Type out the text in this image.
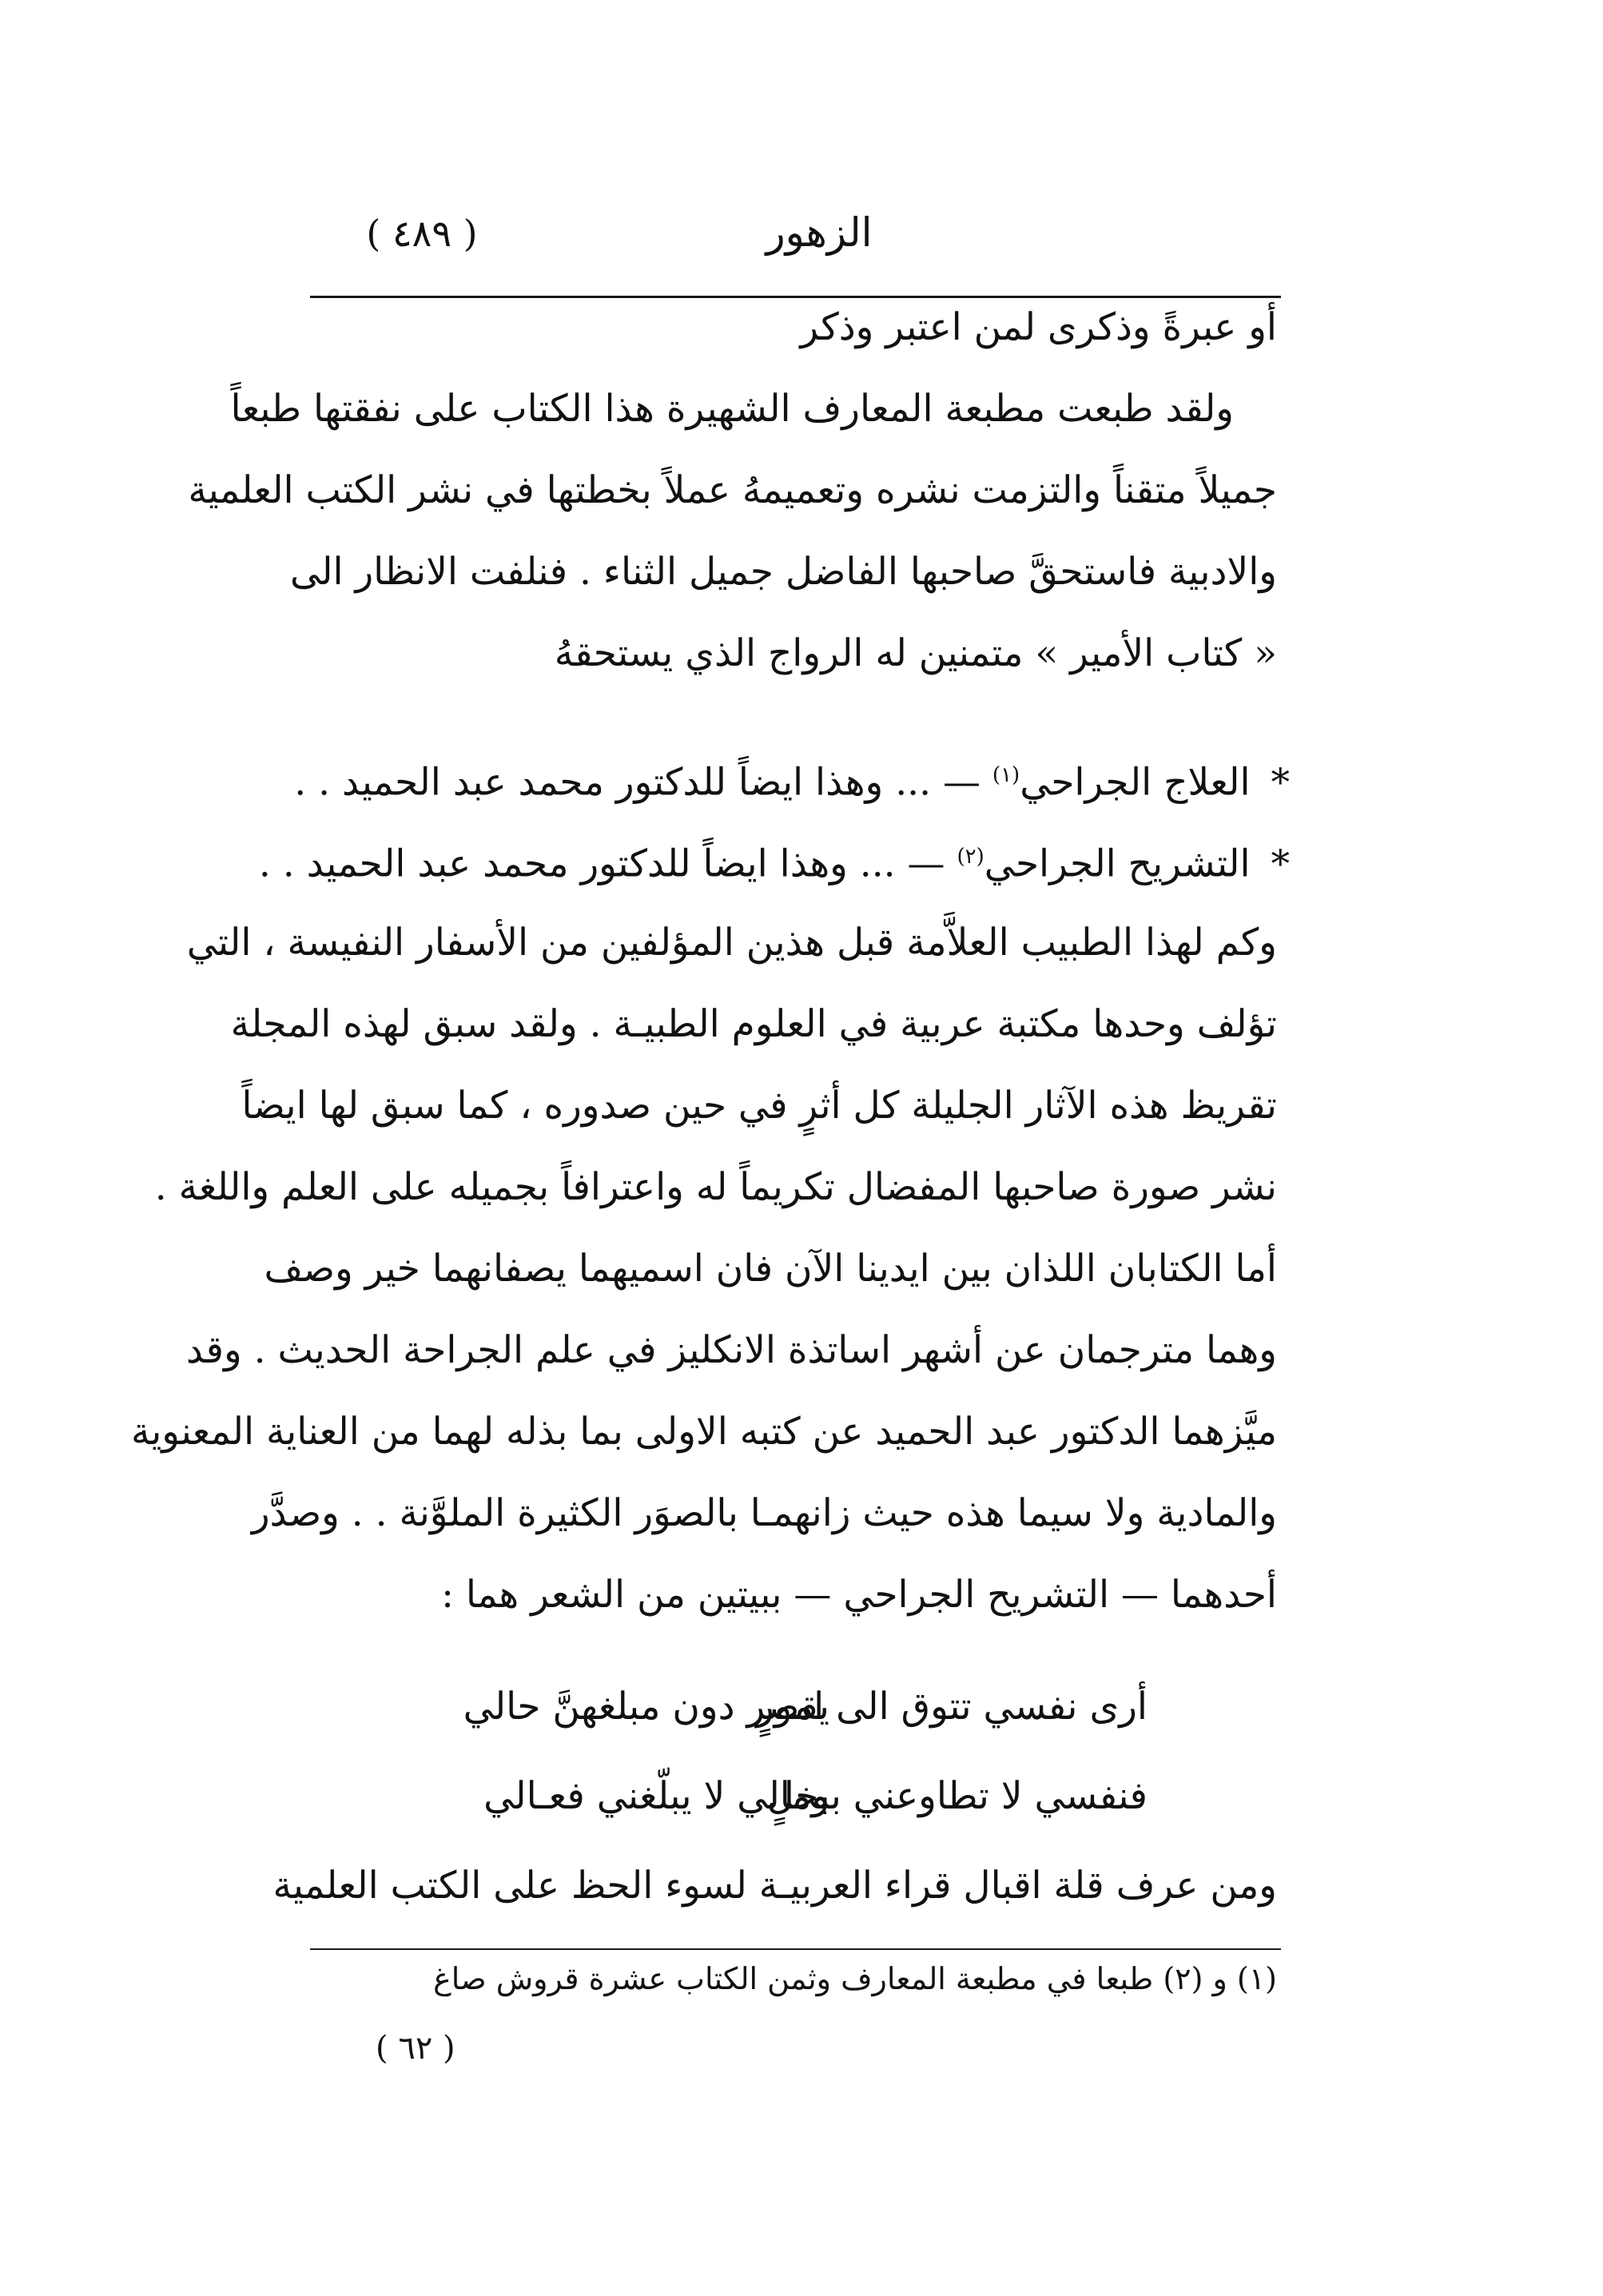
الزهور
( ٤٨٩ )
أو عبرةً وذكرى لمن اعتبر وذكر
ولقد طبعت مطبعة المعارف الشهيرة هذا الكتاب على نفقتها طبعاً
جميلاً متقناً والتزمت نشره وتعميمهُ عملاً بخطتها في نشر الكتب العلمية
والادبية فاستحقَّ صاحبها الفاضل جميل الثناء . فنلفت الانظار الى
« كتاب الأمير » متمنين له الرواج الذي يستحقهُ
*العلاج الجراحي$^{(١)}$ — ... وهذا ايضاً للدكتور محمد عبد الحميد . .
*التشريح الجراحي$^{(٢)}$ — ... وهذا ايضاً للدكتور محمد عبد الحميد . .
وكم لهذا الطبيب العلاَّمة قبل هذين المؤلفين من الأسفار النفيسة ، التي
تؤلف وحدها مكتبة عربية في العلوم الطبيـة . ولقد سبق لهذه المجلة
تقريظ هذه الآثار الجليلة كل أثرٍ في حين صدوره ، كما سبق لها ايضاً
نشر صورة صاحبها المفضال تكريماً له واعترافاً بجميله على العلم واللغة .
أما الكتابان اللذان بين ايدينا الآن فان اسميهما يصفانهما خير وصف
وهما مترجمان عن أشهر اساتذة الانكليز في علم الجراحة الحديث . وقد
ميَّزهما الدكتور عبد الحميد عن كتبه الاولى بما بذله لهما من العناية المعنوية
والمادية ولا سيما هذه حيث زانهمـا بالصوَر الكثيرة الملوَّنة . . وصدَّر
أحدهما — التشريح الجراحي — ببيتين من الشعر هما :
أرى نفسي تتوق الى امورٍ
يقصر دون مبلغهنَّ حالي
فنفسي لا تطاوعني ببخلٍ
ومالي لا يبلّغني فعـالي
ومن عرف قلة اقبال قراء العربيـة لسوء الحظ على الكتب العلمية
(١) و (٢) طبعا في مطبعة المعارف وثمن الكتاب عشرة قروش صاغ
( ٦٢ )
